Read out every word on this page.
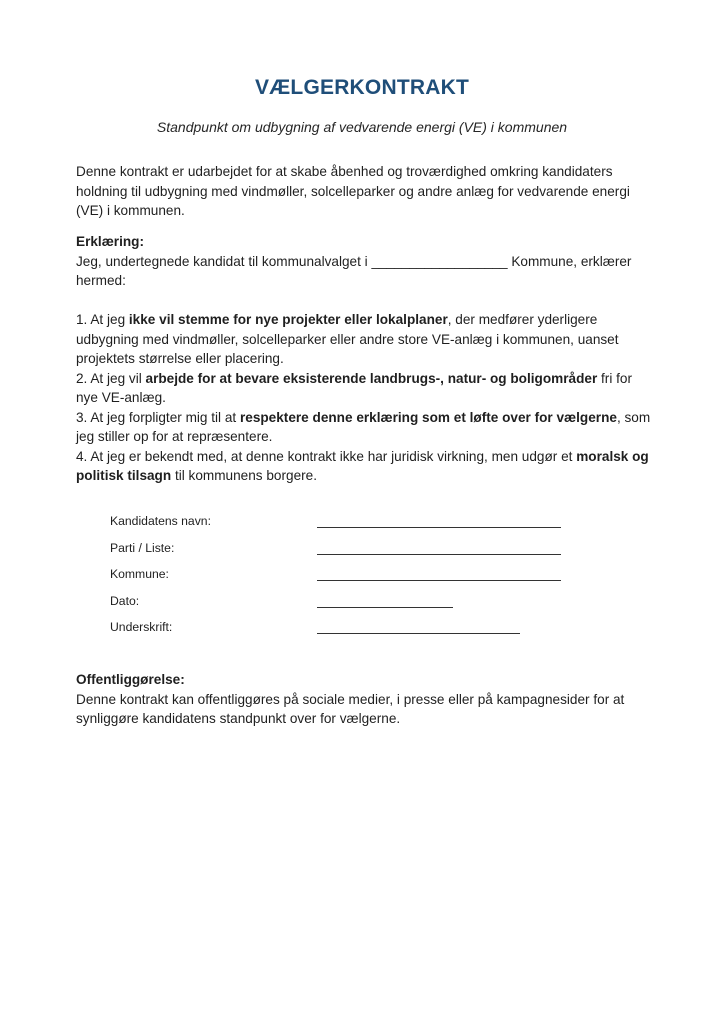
VÆLGERKONTRAKT
Standpunkt om udbygning af vedvarende energi (VE) i kommunen

Denne kontrakt er udarbejdet for at skabe åbenhed og troværdighed omkring kandidaters holdning til udbygning med vindmøller, solcelleparker og andre anlæg for vedvarende energi (VE) i kommunen.

Erklæring:

Jeg, undertegnede kandidat til kommunalvalget i __________________ Kommune, erklærer hermed:

1. At jeg ikke vil stemme for nye projekter eller lokalplaner, der medfører yderligere udbygning med vindmøller, solcelleparker eller andre store VE-anlæg i kommunen, uanset projektets størrelse eller placering.

2. At jeg vil arbejde for at bevare eksisterende landbrugs-, natur- og boligområder fri for nye VE-anlæg.

3. At jeg forpligter mig til at respektere denne erklæring som et løfte over for vælgerne, som jeg stiller op for at repræsentere.

4. At jeg er bekendt med, at denne kontrakt ikke har juridisk virkning, men udgør et moralsk og politisk tilsagn til kommunens borgere.

Kandidatens navn:
Parti / Liste:
Kommune:
Dato:
Underskrift:

Offentliggørelse:

Denne kontrakt kan offentliggøres på sociale medier, i presse eller på kampagnesider for at synliggøre kandidatens standpunkt over for vælgerne.
